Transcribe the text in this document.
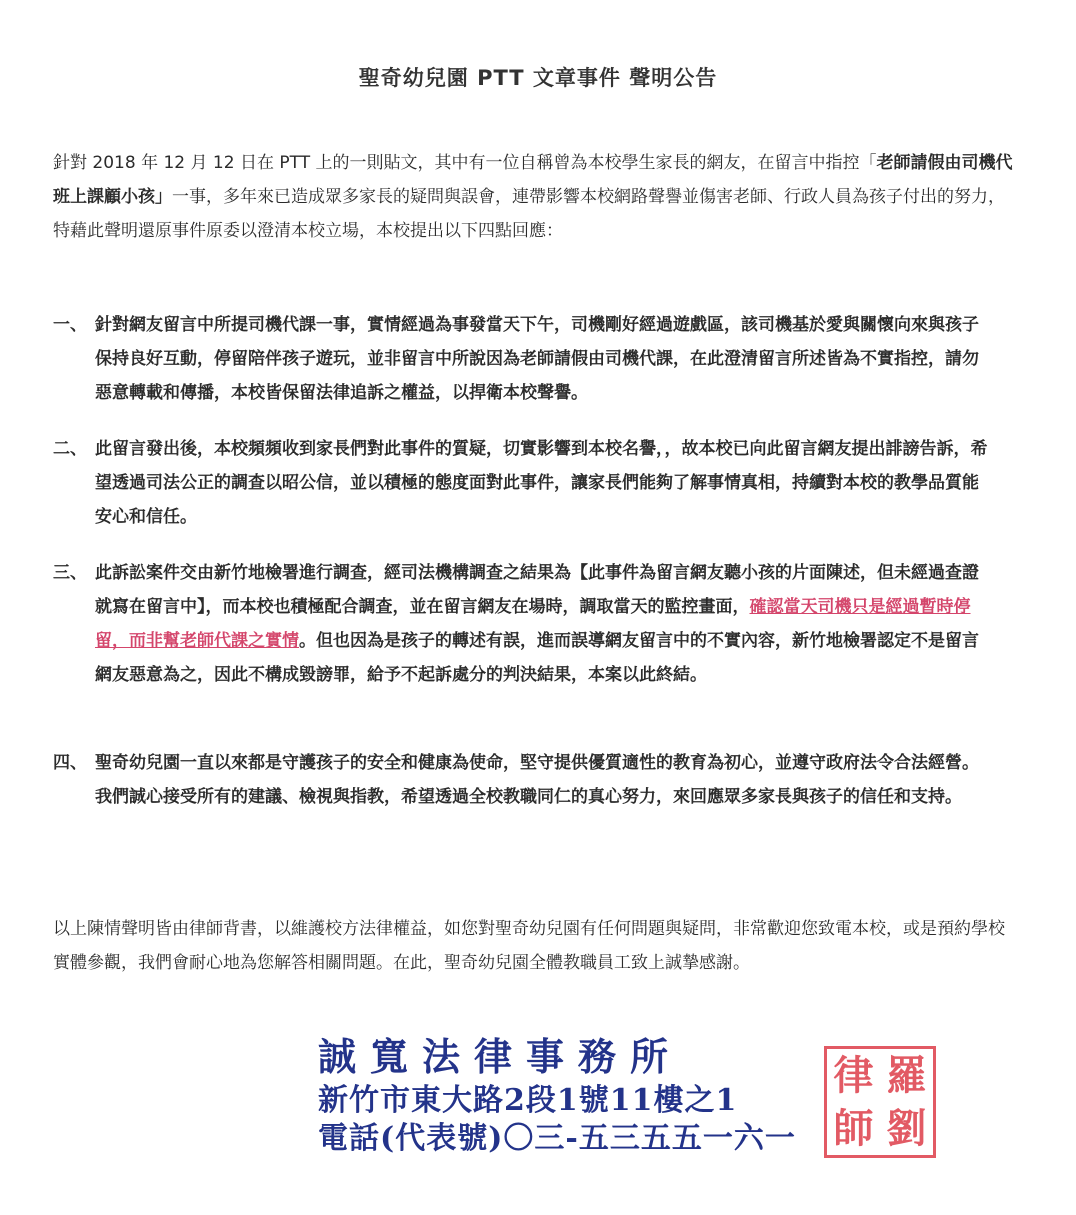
聖奇幼兒園 PTT 文章事件 聲明公告

針對 2018 年 12 月 12 日在 PTT 上的一則貼文，其中有一位自稱曾為本校學生家長的網友，在留言中指控「老師請假由司機代班上課顧小孩」一事，多年來已造成眾多家長的疑問與誤會，連帶影響本校網路聲譽並傷害老師、行政人員為孩子付出的努力，特藉此聲明還原事件原委以澄清本校立場，本校提出以下四點回應：

一、 針對網友留言中所提司機代課一事，實情經過為事發當天下午，司機剛好經過遊戲區，該司機基於愛與關懷向來與孩子保持良好互動，停留陪伴孩子遊玩，並非留言中所說因為老師請假由司機代課，在此澄清留言所述皆為不實指控，請勿惡意轉載和傳播，本校皆保留法律追訴之權益，以捍衛本校聲譽。
二、 此留言發出後，本校頻頻收到家長們對此事件的質疑，切實影響到本校名譽，，故本校已向此留言網友提出誹謗告訴，希望透過司法公正的調查以昭公信，並以積極的態度面對此事件，讓家長們能夠了解事情真相，持續對本校的教學品質能安心和信任。
三、 此訴訟案件交由新竹地檢署進行調查，經司法機構調查之結果為【此事件為留言網友聽小孩的片面陳述，但未經過查證就寫在留言中】，而本校也積極配合調查，並在留言網友在場時，調取當天的監控畫面，確認當天司機只是經過暫時停留，而非幫老師代課之實情。但也因為是孩子的轉述有誤，進而誤導網友留言中的不實內容，新竹地檢署認定不是留言網友惡意為之，因此不構成毀謗罪，給予不起訴處分的判決結果，本案以此終結。
四、 聖奇幼兒園一直以來都是守護孩子的安全和健康為使命，堅守提供優質適性的教育為初心，並遵守政府法令合法經營。我們誠心接受所有的建議、檢視與指教，希望透過全校教職同仁的真心努力，來回應眾多家長與孩子的信任和支持。

以上陳情聲明皆由律師背書，以維護校方法律權益，如您對聖奇幼兒園有任何問題與疑問，非常歡迎您致電本校，或是預約學校實體參觀，我們會耐心地為您解答相關問題。在此，聖奇幼兒園全體教職員工致上誠摯感謝。

誠寬法律事務所
新竹市東大路2段1號11樓之1
電話(代表號)〇三-五三五五一六一
律 羅
師 劉
